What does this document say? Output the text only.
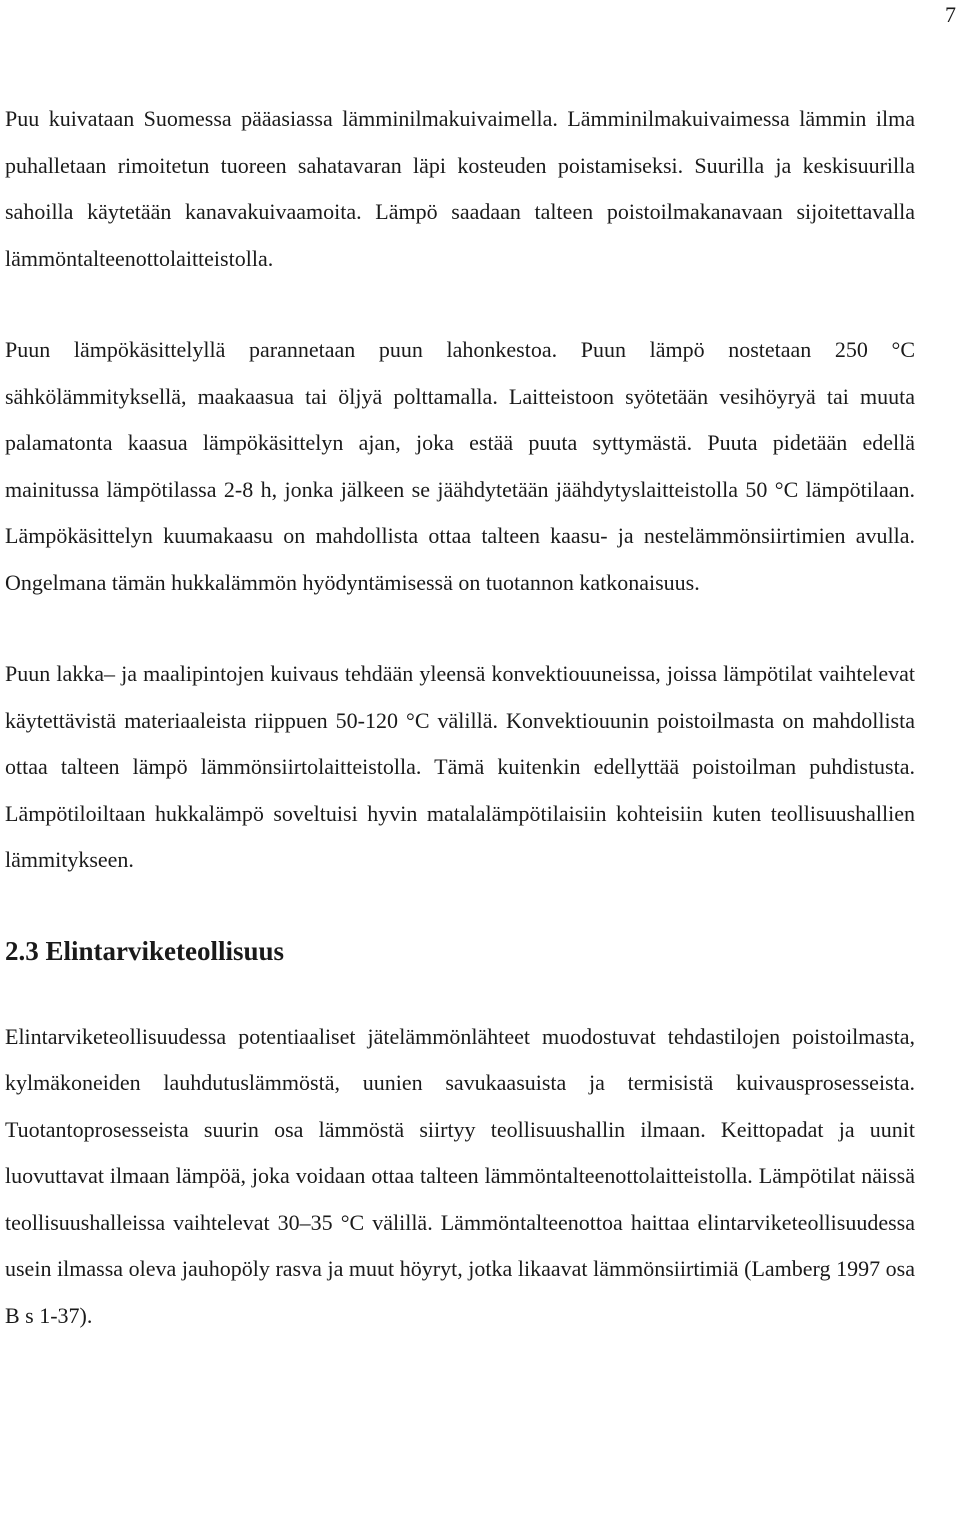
7

Puu kuivataan Suomessa pääasiassa lämminilmakuivaimella. Lämminilmakuivaimessa lämmin ilma puhalletaan rimoitetun tuoreen sahatavaran läpi kosteuden poistamiseksi. Suurilla ja keskisuurilla sahoilla käytetään kanavakuivaamoita. Lämpö saadaan talteen poistoilmakanavaan sijoitettavalla lämmöntalteenottolaitteistolla.

Puun lämpökäsittelyllä parannetaan puun lahonkestoa. Puun lämpö nostetaan 250 °C sähkölämmityksellä, maakaasua tai öljyä polttamalla. Laitteistoon syötetään vesihöyryä tai muuta palamatonta kaasua lämpökäsittelyn ajan, joka estää puuta syttymästä. Puuta pidetään edellä mainitussa lämpötilassa 2-8 h, jonka jälkeen se jäähdytetään jäähdytyslaitteistolla 50 °C lämpötilaan. Lämpökäsittelyn kuumakaasu on mahdollista ottaa talteen kaasu- ja nestelämmönsiirtimien avulla. Ongelmana tämän hukkalämmön hyödyntämisessä on tuotannon katkonaisuus.

Puun lakka– ja maalipintojen kuivaus tehdään yleensä konvektiouuneissa, joissa lämpötilat vaihtelevat käytettävistä materiaaleista riippuen 50-120 °C välillä. Konvektiouunin poistoilmasta on mahdollista ottaa talteen lämpö lämmönsiirtolaitteistolla. Tämä kuitenkin edellyttää poistoilman puhdistusta. Lämpötiloiltaan hukkalämpö soveltuisi hyvin matalalämpötilaisiin kohteisiin kuten teollisuushallien lämmitykseen.

2.3 Elintarviketeollisuus

Elintarviketeollisuudessa potentiaaliset jätelämmönlähteet muodostuvat tehdastilojen poistoilmasta, kylmäkoneiden lauhdutuslämmöstä, uunien savukaasuista ja termisistä kuivausprosesseista. Tuotantoprosesseista suurin osa lämmöstä siirtyy teollisuushallin ilmaan. Keittopadat ja uunit luovuttavat ilmaan lämpöä, joka voidaan ottaa talteen lämmöntalteenottolaitteistolla. Lämpötilat näissä teollisuushalleissa vaihtelevat 30–35 °C välillä. Lämmöntalteenottoa haittaa elintarviketeollisuudessa usein ilmassa oleva jauhopöly rasva ja muut höyryt, jotka likaavat lämmönsiirtimiä (Lamberg 1997 osa B s 1-37).
